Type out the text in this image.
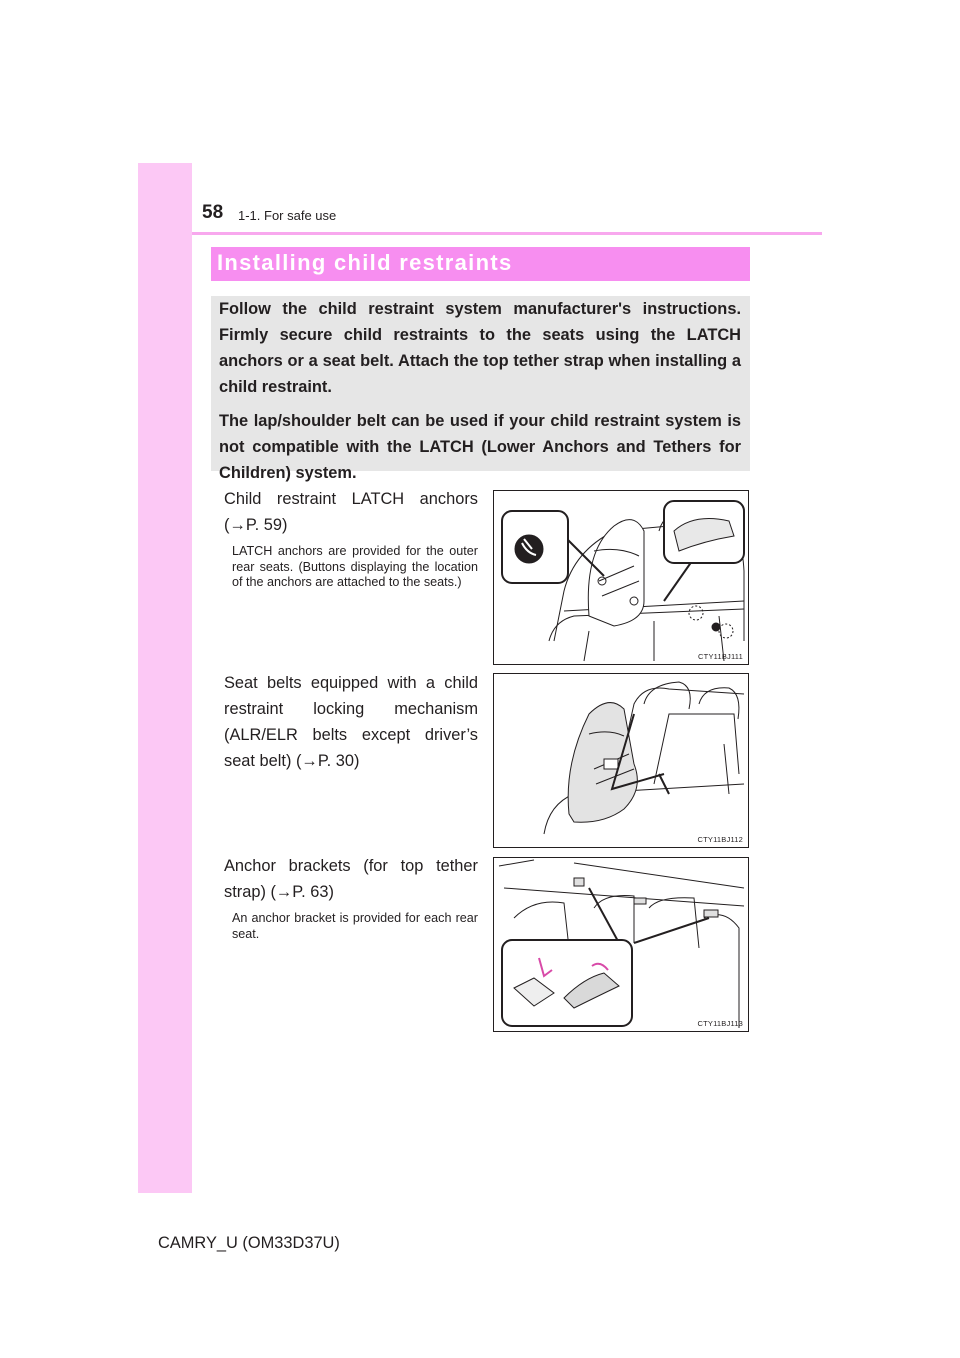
58 1-1. For safe use
Installing child restraints

Follow the child restraint system manufacturer's instructions. Firmly secure child restraints to the seats using the LATCH anchors or a seat belt. Attach the top tether strap when installing a child restraint.

The lap/shoulder belt can be used if your child restraint system is not compatible with the LATCH (Lower Anchors and Tethers for Children) system.

Child restraint LATCH anchors (→P. 59)

LATCH anchors are provided for the outer rear seats. (Buttons displaying the location of the anchors are attached to the seats.)

CTY11BJ111

Seat belts equipped with a child restraint locking mechanism (ALR/ELR belts except driver’s seat belt) (→P. 30)

CTY11BJ112

Anchor brackets (for top tether strap) (→P. 63)

An anchor bracket is provided for each rear seat.

CTY11BJ113
CAMRY_U (OM33D37U)
